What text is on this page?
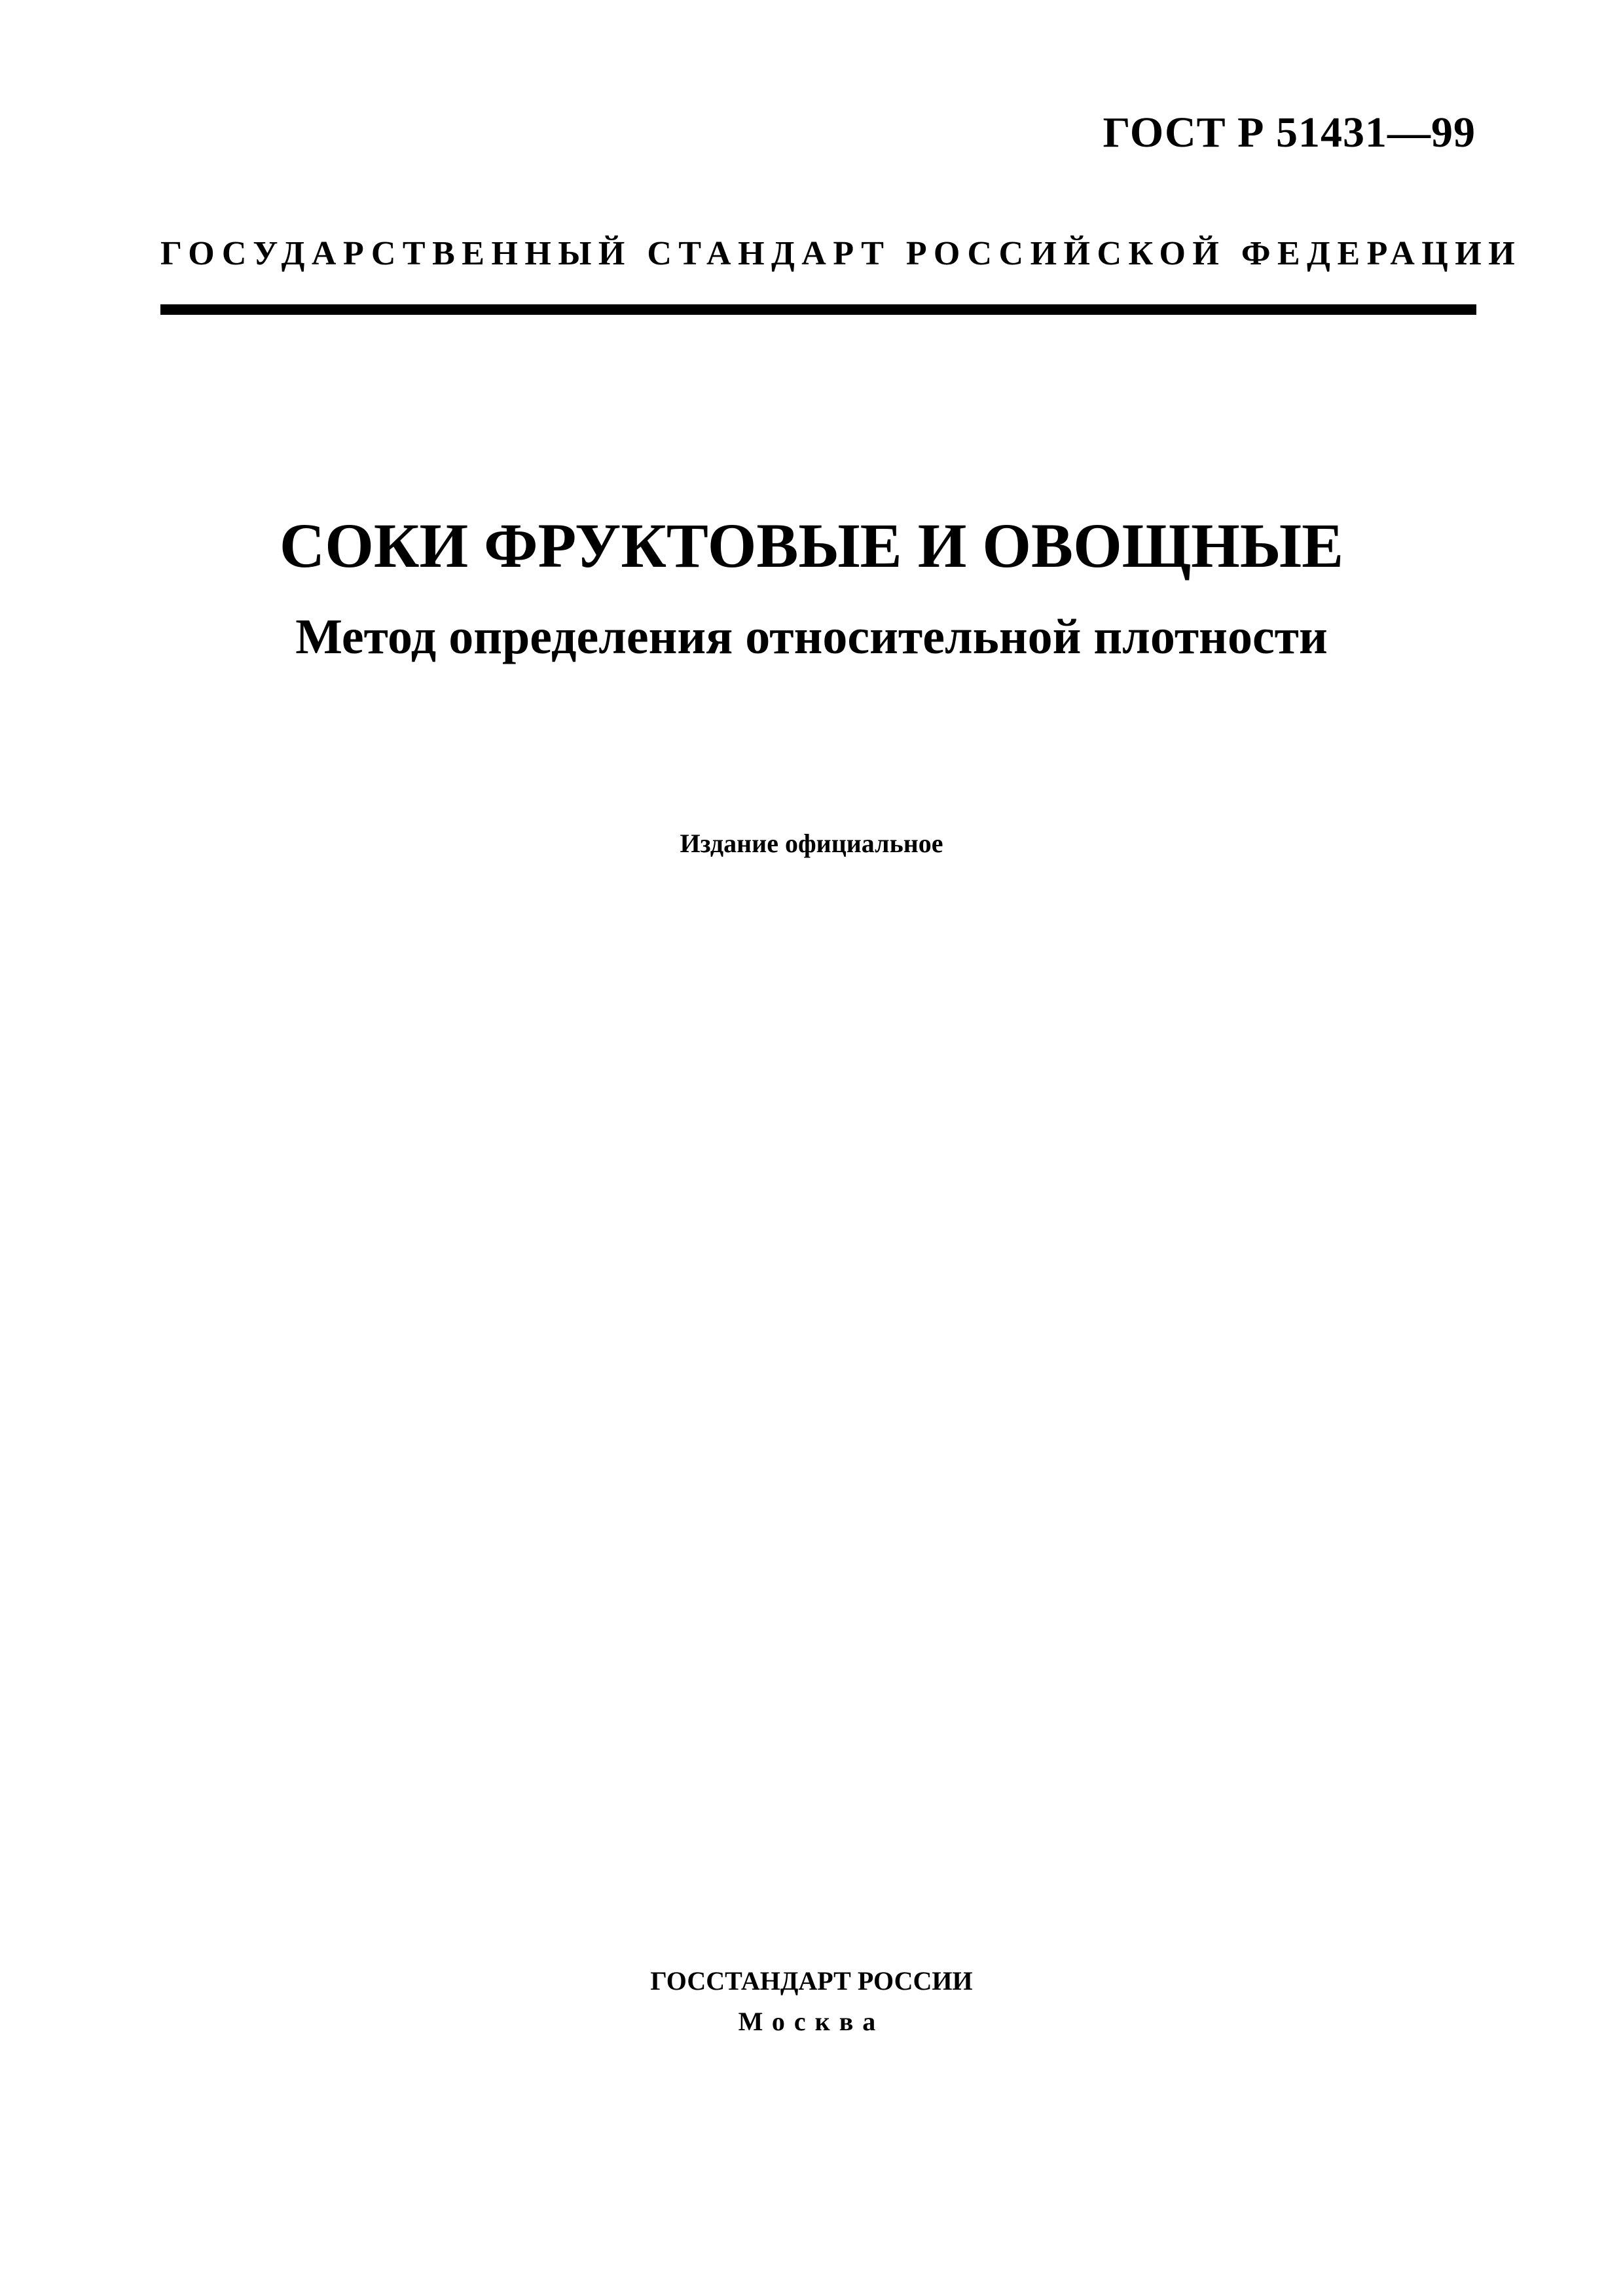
ГОСТ Р 51431—99
ГОСУДАРСТВЕННЫЙ СТАНДАРТ РОССИЙСКОЙ ФЕДЕРАЦИИ
СОКИ ФРУКТОВЫЕ И ОВОЩНЫЕ
Метод определения относительной плотности
Издание официальное
ГОССТАНДАРТ РОССИИ
Москва
